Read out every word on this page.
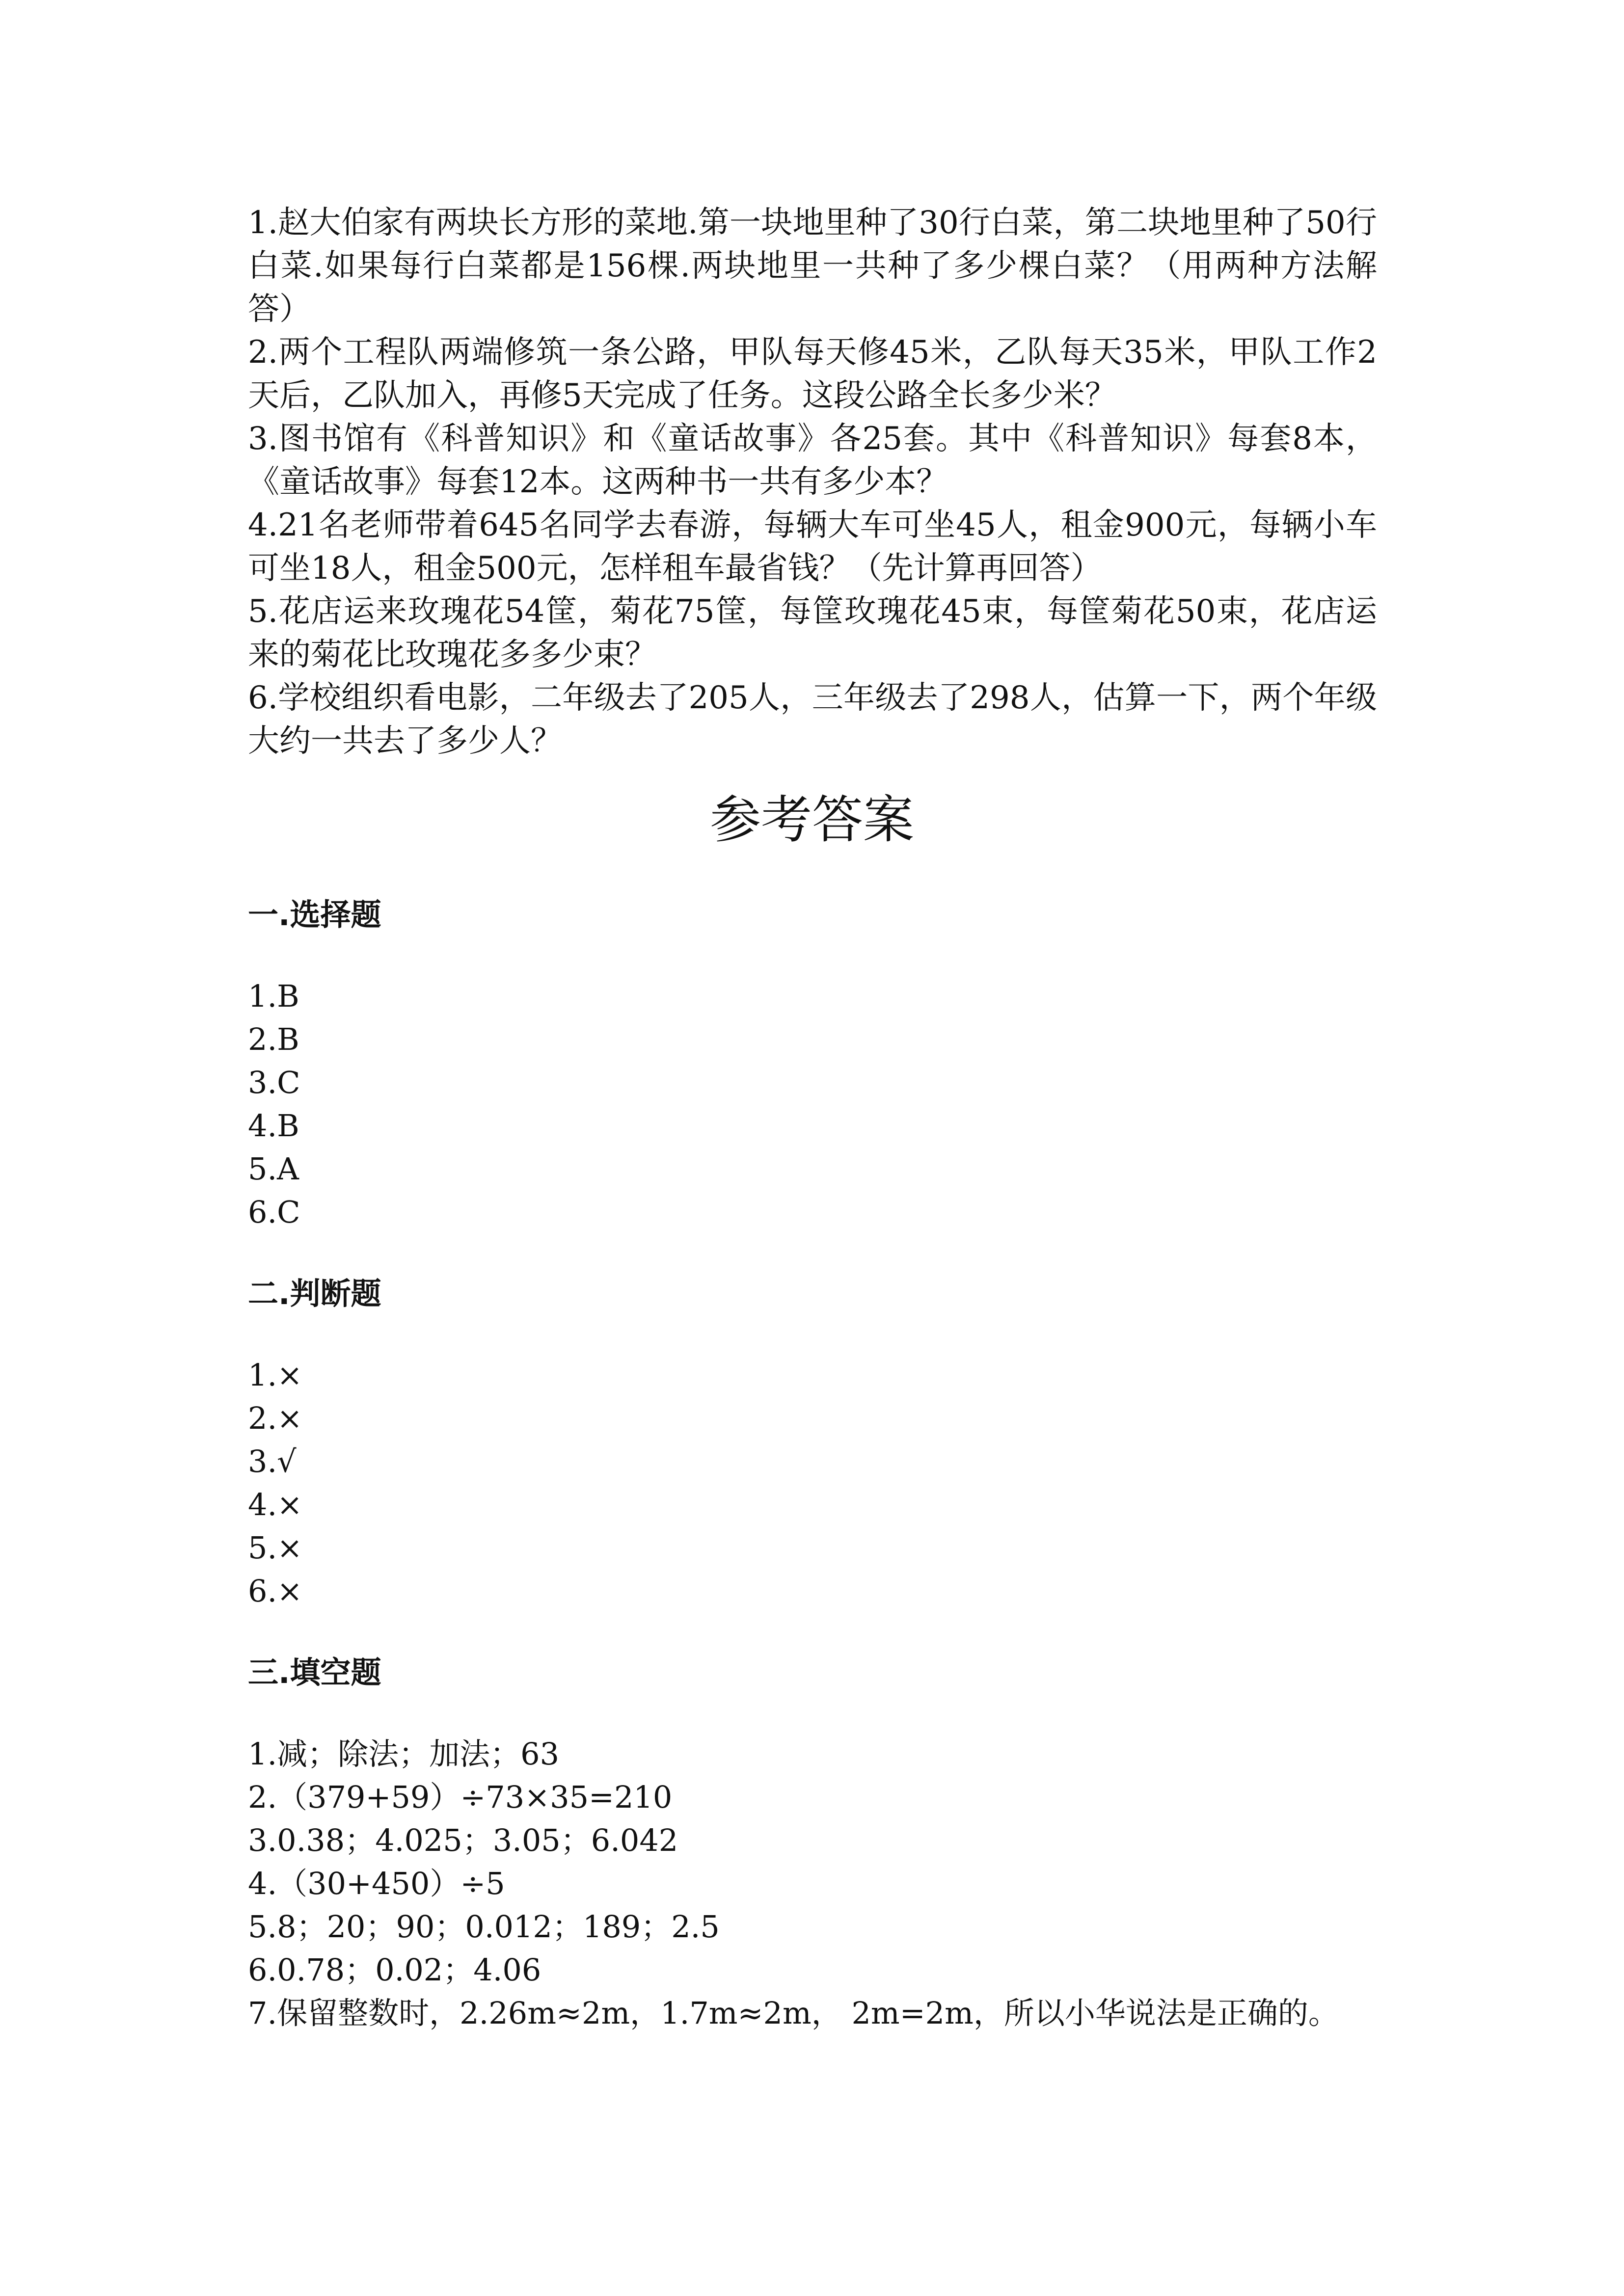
1.赵大伯家有两块长方形的菜地.第一块地里种了30行白菜，第二块地里种了50行白菜.如果每行白菜都是156棵.两块地里一共种了多少棵白菜？（用两种方法解答）

2.两个工程队两端修筑一条公路，甲队每天修45米，乙队每天35米，甲队工作2天后，乙队加入，再修5天完成了任务。这段公路全长多少米？

3.图书馆有《科普知识》和《童话故事》各25套。其中《科普知识》每套8本，《童话故事》每套12本。这两种书一共有多少本？

4.21名老师带着645名同学去春游，每辆大车可坐45人，租金900元，每辆小车可坐18人，租金500元，怎样租车最省钱？（先计算再回答）

5.花店运来玫瑰花54筐，菊花75筐，每筐玫瑰花45束，每筐菊花50束，花店运来的菊花比玫瑰花多多少束？

6.学校组织看电影，二年级去了205人，三年级去了298人，估算一下，两个年级大约一共去了多少人？

参考答案
一.选择题
1.B
2.B
3.C
4.B
5.A
6.C
二.判断题
1.×
2.×
3.√
4.×
5.×
6.×
三.填空题
1.减；除法；加法；63
2.（379+59）÷73×35=210
3.0.38；4.025；3.05；6.042
4.（30+450）÷5
5.8；20；90；0.012；189；2.5
6.0.78；0.02；4.06
7.保留整数时，2.26m≈2m，1.7m≈2m， 2m=2m，所以小华说法是正确的。
